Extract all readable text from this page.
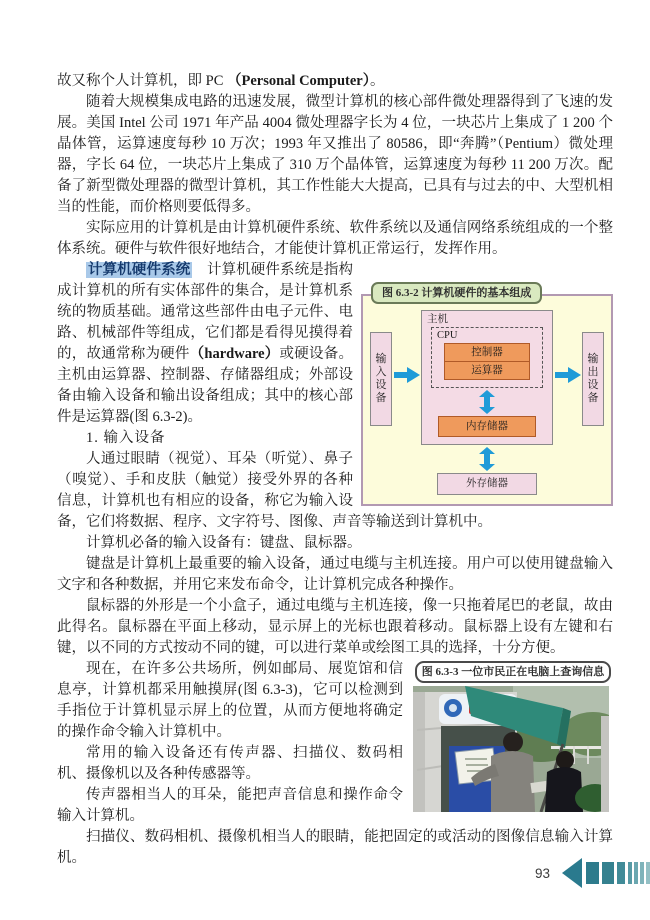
故又称个人计算机，即 PC （Personal Computer）。

随着大规模集成电路的迅速发展，微型计算机的核心部件微处理器得到了飞速的发展。美国 Intel 公司 1971 年产品 4004 微处理器字长为 4 位，一块芯片上集成了 1 200 个晶体管，运算速度每秒 10 万次；1993 年又推出了 80586，即“奔腾”（Pentium）微处理器，字长 64 位，一块芯片上集成了 310 万个晶体管，运算速度为每秒 11 200 万次。配备了新型微处理器的微型计算机，其工作性能大大提高，已具有与过去的中、大型机相当的性能，而价格则要低得多。

实际应用的计算机是由计算机硬件系统、软件系统以及通信网络系统组成的一个整体系统。硬件与软件很好地结合，才能使计算机正常运行，发挥作用。

图 6.3-2 计算机硬件的基本组成
输入设备
主机
CPU
控制器
运算器
内存储器
外存储器
输出设备

计算机硬件系统　计算机硬件系统是指构成计算机的所有实体部件的集合，是计算机系统的物质基础。通常这些部件由电子元件、电路、机械部件等组成，它们都是看得见摸得着的，故通常称为硬件（hardware）或硬设备。主机由运算器、控制器、存储器组成；外部设备由输入设备和输出设备组成；其中的核心部件是运算器(图 6.3-2)。

1. 输入设备

人通过眼睛（视觉）、耳朵（听觉）、鼻子（嗅觉）、手和皮肤（触觉）接受外界的各种信息，计算机也有相应的设备，称它为输入设备，它们将数据、程序、文字符号、图像、声音等输送到计算机中。

计算机必备的输入设备有：键盘、鼠标器。

键盘是计算机上最重要的输入设备，通过电缆与主机连接。用户可以使用键盘输入文字和各种数据，并用它来发布命令，让计算机完成各种操作。

鼠标器的外形是一个小盒子，通过电缆与主机连接，像一只拖着尾巴的老鼠，故由此得名。鼠标器在平面上移动，显示屏上的光标也跟着移动。鼠标器上设有左键和右键，以不同的方式按动不同的键，可以进行菜单或绘图工具的选择，十分方便。

图 6.3-3 一位市民正在电脑上查询信息

现在，在许多公共场所，例如邮局、展览馆和信息亭，计算机都采用触摸屏(图 6.3-3)，它可以检测到手指位于计算机显示屏上的位置，从而方便地将确定的操作命令输入计算机中。

常用的输入设备还有传声器、扫描仪、数码相机、摄像机以及各种传感器等。

传声器相当人的耳朵，能把声音信息和操作命令输入计算机。

扫描仪、数码相机、摄像机相当人的眼睛，能把固定的或活动的图像信息输入计算机。

93
